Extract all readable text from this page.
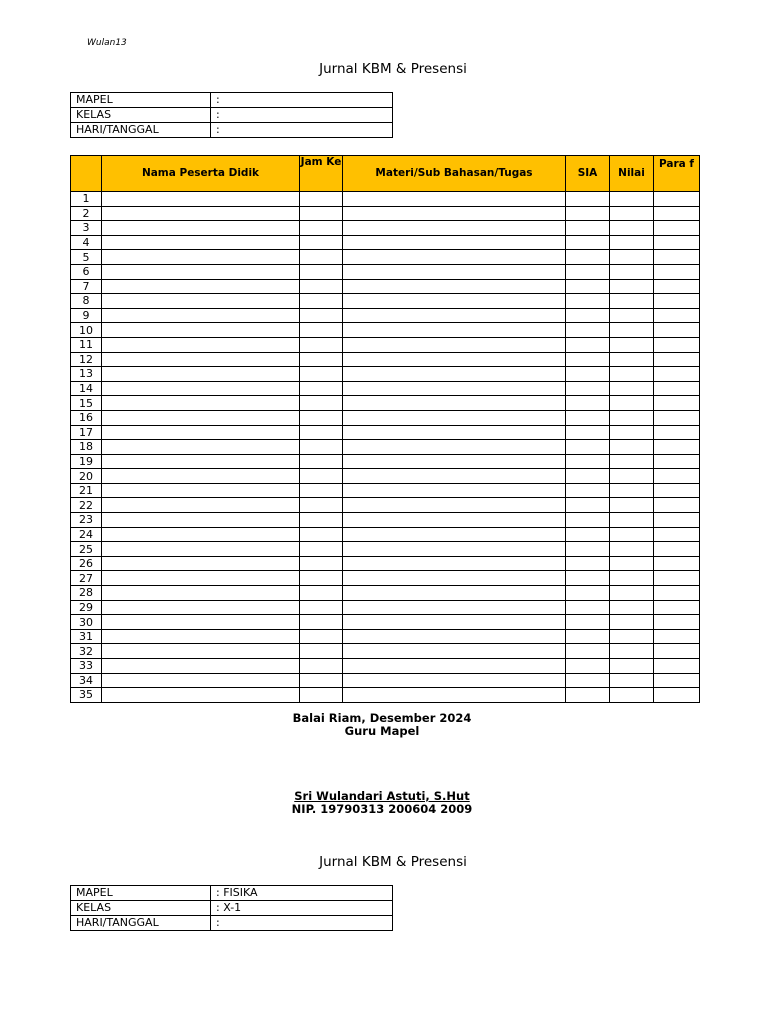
Wulan13
Jurnal KBM & Presensi
MAPEL	:
KELAS	:
HARI/TANGGAL	:
	Nama Peserta Didik	Jam Ke	Materi/Sub Bahasan/Tugas	SIA	Nilai	Para f
1						
2						
3						
4						
5						
6						
7						
8						
9						
10						
11						
12						
13						
14						
15						
16						
17						
18						
19						
20						
21						
22						
23						
24						
25						
26						
27						
28						
29						
30						
31						
32						
33						
34						
35						
Balai Riam, Desember 2024
Guru Mapel
Sri Wulandari Astuti, S.Hut
NIP. 19790313 200604 2009
Jurnal KBM & Presensi
MAPEL	: FISIKA
KELAS	: X-1
HARI/TANGGAL	:
